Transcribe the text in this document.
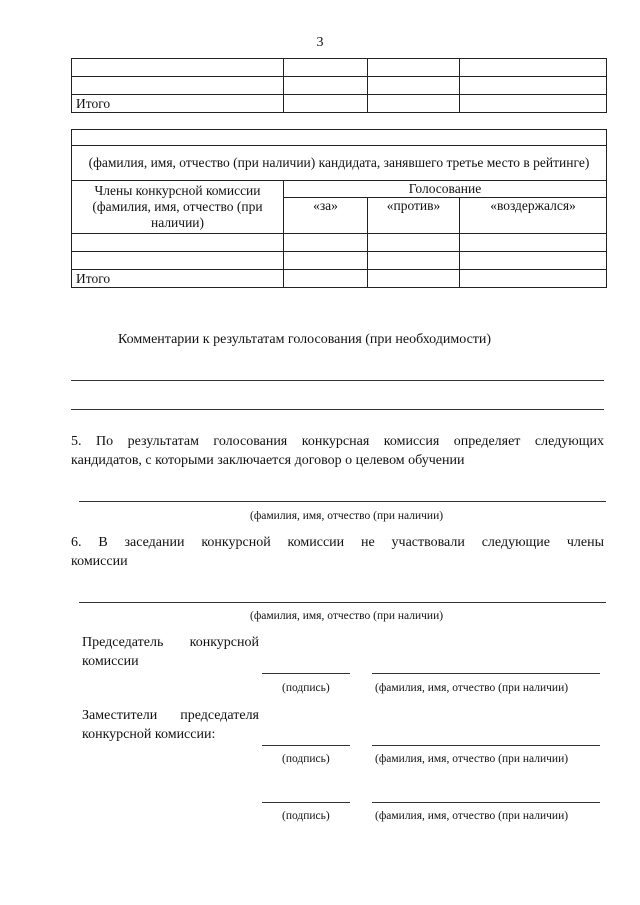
3

Итого			

(фамилия, имя, отчество (при наличии) кандидата, занявшего третье место в рейтинге)			
Члены конкурсной комиссии (фамилия, имя, отчество (при наличии)	Голосование		
	«за»	«против»	«воздержался»

Итого			
Комментарии к результатам голосования (при необходимости)
5. По результатам голосования конкурсная комиссия определяет следующих
кандидатов, с которыми заключается договор о целевом обучении
(фамилия, имя, отчество (при наличии)
6. В заседании конкурсной комиссии не участвовали следующие члены
комиссии
(фамилия, имя, отчество (при наличии)
Председатель конкурсной
комиссии
(подпись)	(фамилия, имя, отчество (при наличии)
Заместители председателя
конкурсной комиссии:
(подпись)	(фамилия, имя, отчество (при наличии)
(подпись)	(фамилия, имя, отчество (при наличии)
